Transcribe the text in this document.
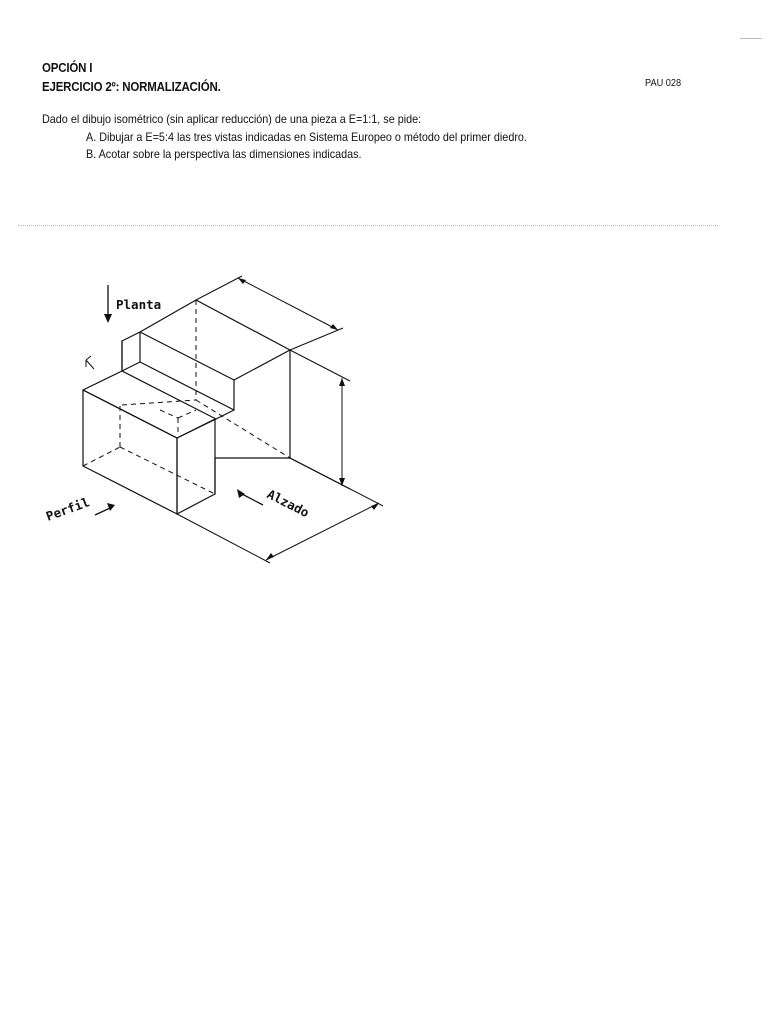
OPCIÓN I
EJERCICIO 2º: NORMALIZACIÓN.	PAU 028
Dado el dibujo isométrico (sin aplicar reducción) de una pieza a E=1:1, se pide:
A. Dibujar a E=5:4 las tres vistas indicadas en Sistema Europeo o método del primer diedro.
B. Acotar sobre la perspectiva las dimensiones indicadas.
Planta
Alzado
Perfil
